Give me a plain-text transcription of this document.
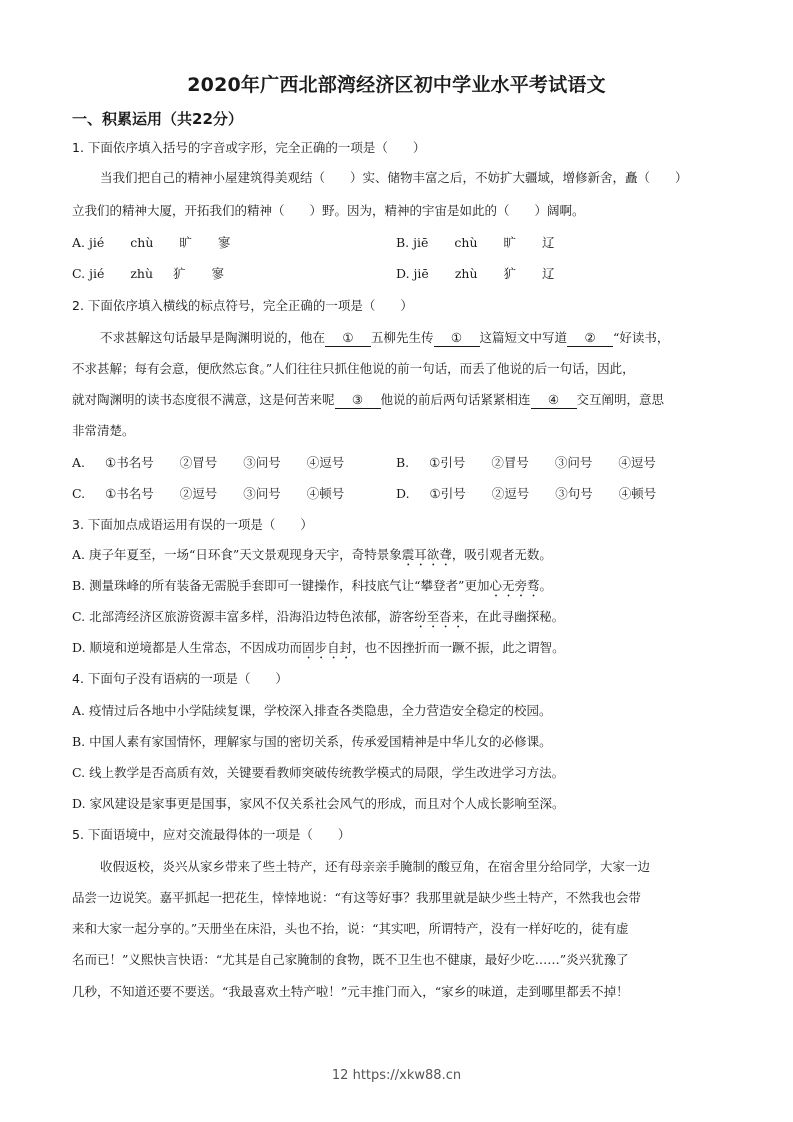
2020年广西北部湾经济区初中学业水平考试语文
一、积累运用（共22分）
1. 下面依序填入括号的字音或字形，完全正确的一项是（　　）
当我们把自己的精神小屋建筑得美观结（　　）实、储物丰富之后，不妨扩大疆域，增修新舍，矗（　　）
立我们的精神大厦，开拓我们的精神（　　）野。因为，精神的宇宙是如此的（　　）阔啊。
A. jié chù 旷 寥	B. jiē chù 旷 辽
C. jié zhù 犷 寥	D. jiē zhù 犷 辽
2. 下面依序填入横线的标点符号，完全正确的一项是（　　）
不求甚解这句话最早是陶渊明说的，他在 ① 五柳先生传 ① 这篇短文中写道 ② “好读书，
不求甚解；每有会意，便欣然忘食。”人们往往只抓住他说的前一句话，而丢了他说的后一句话，因此，
就对陶渊明的读书态度很不满意，这是何苦来呢 ③ 他说的前后两句话紧紧相连 ④ 交互阐明，意思
非常清楚。
A. ①书名号 ②冒号 ③问号 ④逗号	B. ①引号 ②冒号 ③问号 ④逗号
C. ①书名号 ②逗号 ③问号 ④顿号	D. ①引号 ②逗号 ③句号 ④顿号
3. 下面加点成语运用有误的一项是（　　）
A. 庚子年夏至，一场“日环食”天文景观现身天宇，奇特景象震耳欲聋，吸引观者无数。
B. 测量珠峰的所有装备无需脱手套即可一键操作，科技底气让“攀登者”更加心无旁骛。
C. 北部湾经济区旅游资源丰富多样，沿海沿边特色浓郁，游客纷至沓来，在此寻幽探秘。
D. 顺境和逆境都是人生常态，不因成功而固步自封，也不因挫折而一蹶不振，此之谓智。
4. 下面句子没有语病的一项是（　　）
A. 疫情过后各地中小学陆续复课，学校深入排查各类隐患，全力营造安全稳定的校园。
B. 中国人素有家国情怀，理解家与国的密切关系，传承爱国精神是中华儿女的必修课。
C. 线上教学是否高质有效，关键要看教师突破传统教学模式的局限，学生改进学习方法。
D. 家风建设是家事更是国事，家风不仅关系社会风气的形成，而且对个人成长影响至深。
5. 下面语境中，应对交流最得体的一项是（　　）
收假返校，炎兴从家乡带来了些土特产，还有母亲亲手腌制的酸豆角，在宿舍里分给同学，大家一边
品尝一边说笑。嘉平抓起一把花生，悻悻地说：“有这等好事？我那里就是缺少些土特产，不然我也会带
来和大家一起分享的。”天册坐在床沿，头也不抬，说：“其实吧，所谓特产，没有一样好吃的，徒有虚
名而已！”义熙快言快语：“尤其是自己家腌制的食物，既不卫生也不健康，最好少吃……”炎兴犹豫了
几秒，不知道还要不要送。“我最喜欢土特产啦！”元丰推门而入，“家乡的味道，走到哪里都丢不掉！
12 https://xkw88.cn
